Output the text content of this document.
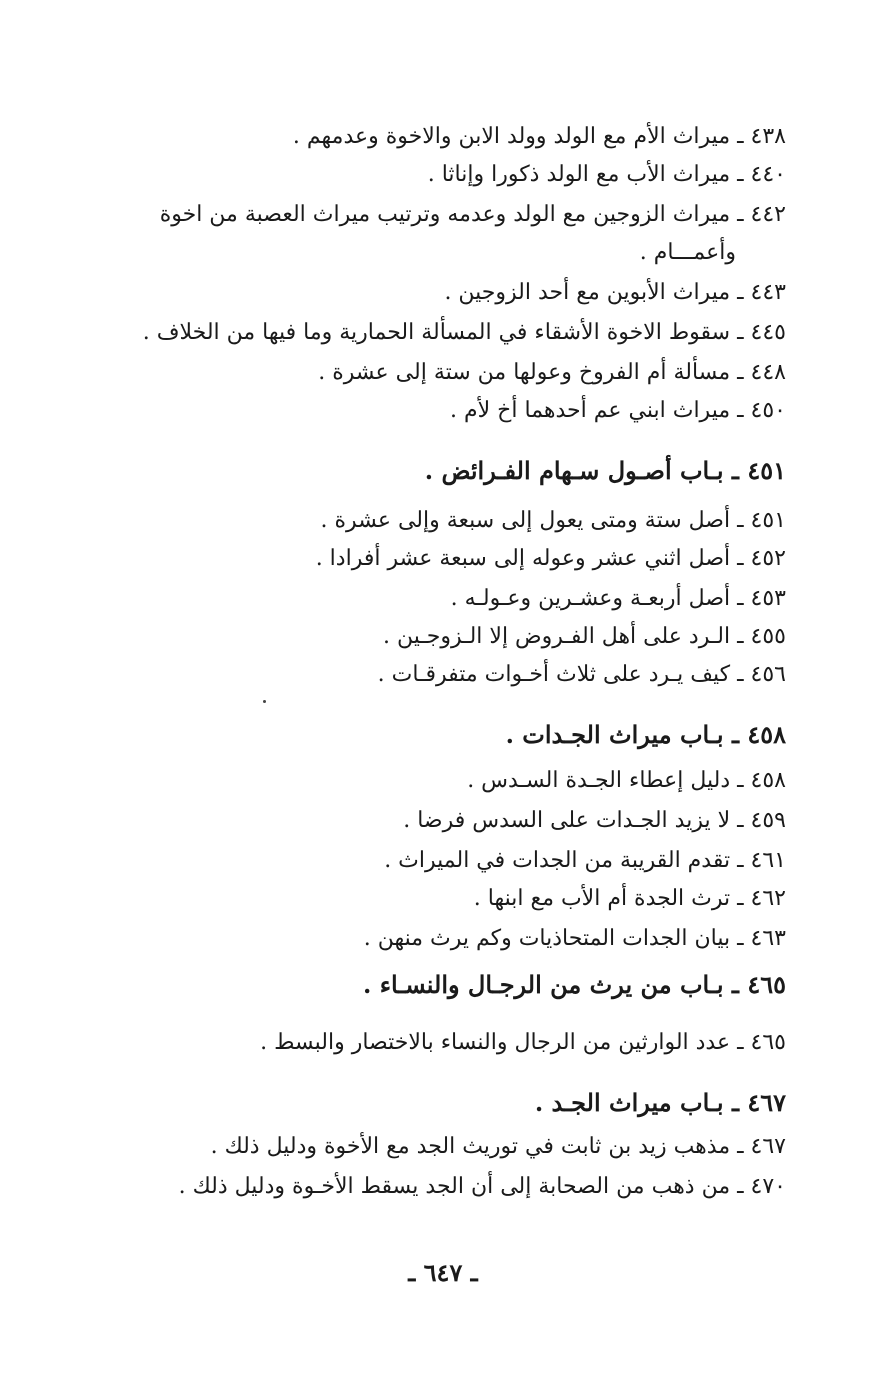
٤٣٨ ـ ميراث الأم مع الولد وولد الابن والاخوة وعدمهم .
٤٤٠ ـ ميراث الأب مع الولد ذكورا وإناثا .
٤٤٢ ـ ميراث الزوجين مع الولد وعدمه وترتيب ميراث العصبة من اخوة
وأعمـــام .
٤٤٣ ـ ميراث الأبوين مع أحد الزوجين .
٤٤٥ ـ سقوط الاخوة الأشقاء في المسألة الحمارية وما فيها من الخلاف .
٤٤٨ ـ مسألة أم الفروخ وعولها من ستة إلى عشرة .
٤٥٠ ـ ميراث ابني عم أحدهما أخ لأم .
٤٥١ ـ بـاب أصـول سـهام الفـرائض .
٤٥١ ـ أصل ستة ومتى يعول إلى سبعة وإلى عشرة .
٤٥٢ ـ أصل اثني عشر وعوله إلى سبعة عشر أفرادا .
٤٥٣ ـ أصل أربعـة وعشـرين وعـولـه .
٤٥٥ ـ الـرد على أهل الفـروض إلا الـزوجـين .
٤٥٦ ـ كيف يـرد على ثلاث أخـوات متفرقـات .
٤٥٨ ـ بـاب ميراث الجـدات .
٤٥٨ ـ دليل إعطاء الجـدة السـدس .
٤٥٩ ـ لا يزيد الجـدات على السدس فرضا .
٤٦١ ـ تقدم القريبة من الجدات في الميراث .
٤٦٢ ـ ترث الجدة أم الأب مع ابنها .
٤٦٣ ـ بيان الجدات المتحاذيات وكم يرث منهن .
٤٦٥ ـ بـاب من يرث من الرجـال والنسـاء .
٤٦٥ ـ عدد الوارثين من الرجال والنساء بالاختصار والبسط .
٤٦٧ ـ بـاب ميراث الجـد .
٤٦٧ ـ مذهب زيد بن ثابت في توريث الجد مع الأخوة ودليل ذلك .
٤٧٠ ـ من ذهب من الصحابة إلى أن الجد يسقط الأخـوة ودليل ذلك .
ـ ٦٤٧ ـ
